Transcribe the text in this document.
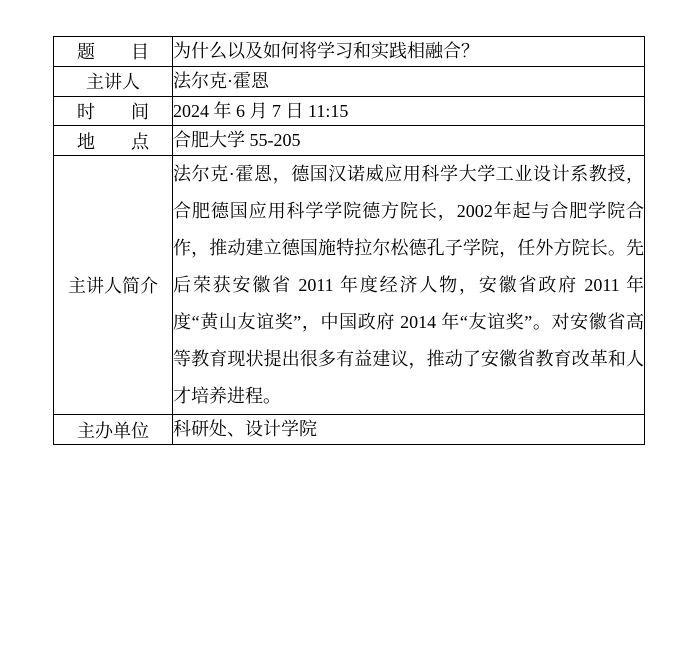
题　　目	为什么以及如何将学习和实践相融合？
主讲人	法尔克·霍恩
时　　间	2024 年 6 月 7 日 11:15
地　　点	合肥大学 55-205
主讲人简介	法尔克·霍恩，德国汉诺威应用科学大学工业设计系教授，合肥德国应用科学学院德方院长，2002年起与合肥学院合作，推动建立德国施特拉尔松德孔子学院，任外方院长。先后荣获安徽省 2011 年度经济人物，安徽省政府 2011 年度“黄山友谊奖”，中国政府 2014 年“友谊奖”。对安徽省高等教育现状提出很多有益建议，推动了安徽省教育改革和人才培养进程。
主办单位	科研处、设计学院
